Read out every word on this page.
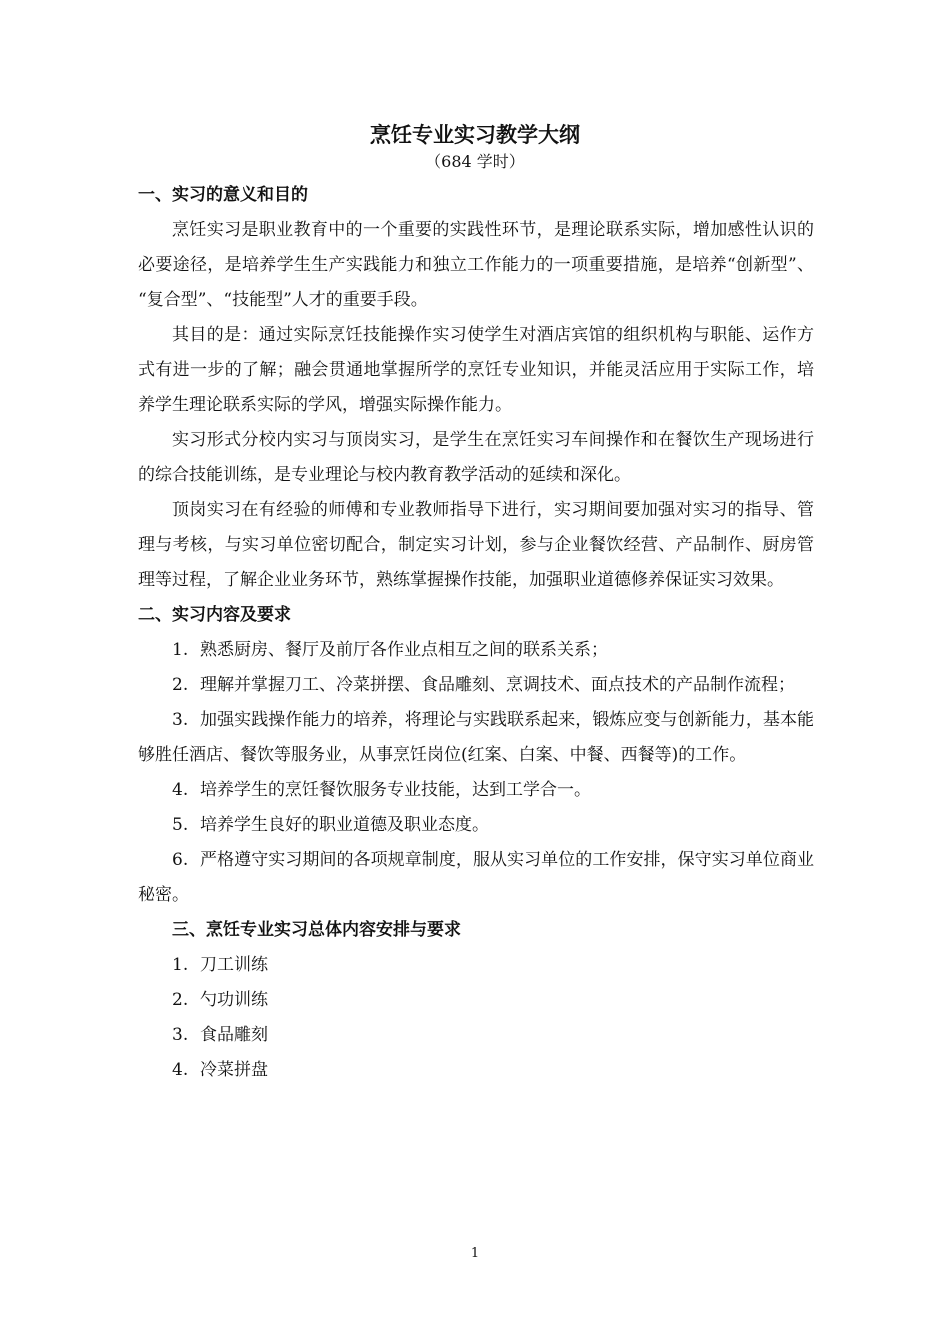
烹饪专业实习教学大纲
（684 学时）

一、实习的意义和目的

烹饪实习是职业教育中的一个重要的实践性环节，是理论联系实际，增加感性认识的必要途径，是培养学生生产实践能力和独立工作能力的一项重要措施，是培养“创新型”、 “复合型”、“技能型”人才的重要手段。

其目的是：通过实际烹饪技能操作实习使学生对酒店宾馆的组织机构与职能、运作方式有进一步的了解；融会贯通地掌握所学的烹饪专业知识，并能灵活应用于实际工作，培养学生理论联系实际的学风，增强实际操作能力。

实习形式分校内实习与顶岗实习，是学生在烹饪实习车间操作和在餐饮生产现场进行的综合技能训练，是专业理论与校内教育教学活动的延续和深化。

顶岗实习在有经验的师傅和专业教师指导下进行，实习期间要加强对实习的指导、管理与考核，与实习单位密切配合，制定实习计划，参与企业餐饮经营、产品制作、厨房管理等过程，了解企业业务环节，熟练掌握操作技能，加强职业道德修养保证实习效果。

二、实习内容及要求

1. 熟悉厨房、餐厅及前厅各作业点相互之间的联系关系；

2. 理解并掌握刀工、冷菜拼摆、食品雕刻、烹调技术、面点技术的产品制作流程；

3. 加强实践操作能力的培养，将理论与实践联系起来，锻炼应变与创新能力，基本能够胜任酒店、餐饮等服务业，从事烹饪岗位(红案、白案、中餐、西餐等)的工作。

4. 培养学生的烹饪餐饮服务专业技能，达到工学合一。

5. 培养学生良好的职业道德及职业态度。

6. 严格遵守实习期间的各项规章制度，服从实习单位的工作安排，保守实习单位商业秘密。

三、烹饪专业实习总体内容安排与要求

1. 刀工训练

2. 勺功训练

3. 食品雕刻

4. 冷菜拼盘

1
